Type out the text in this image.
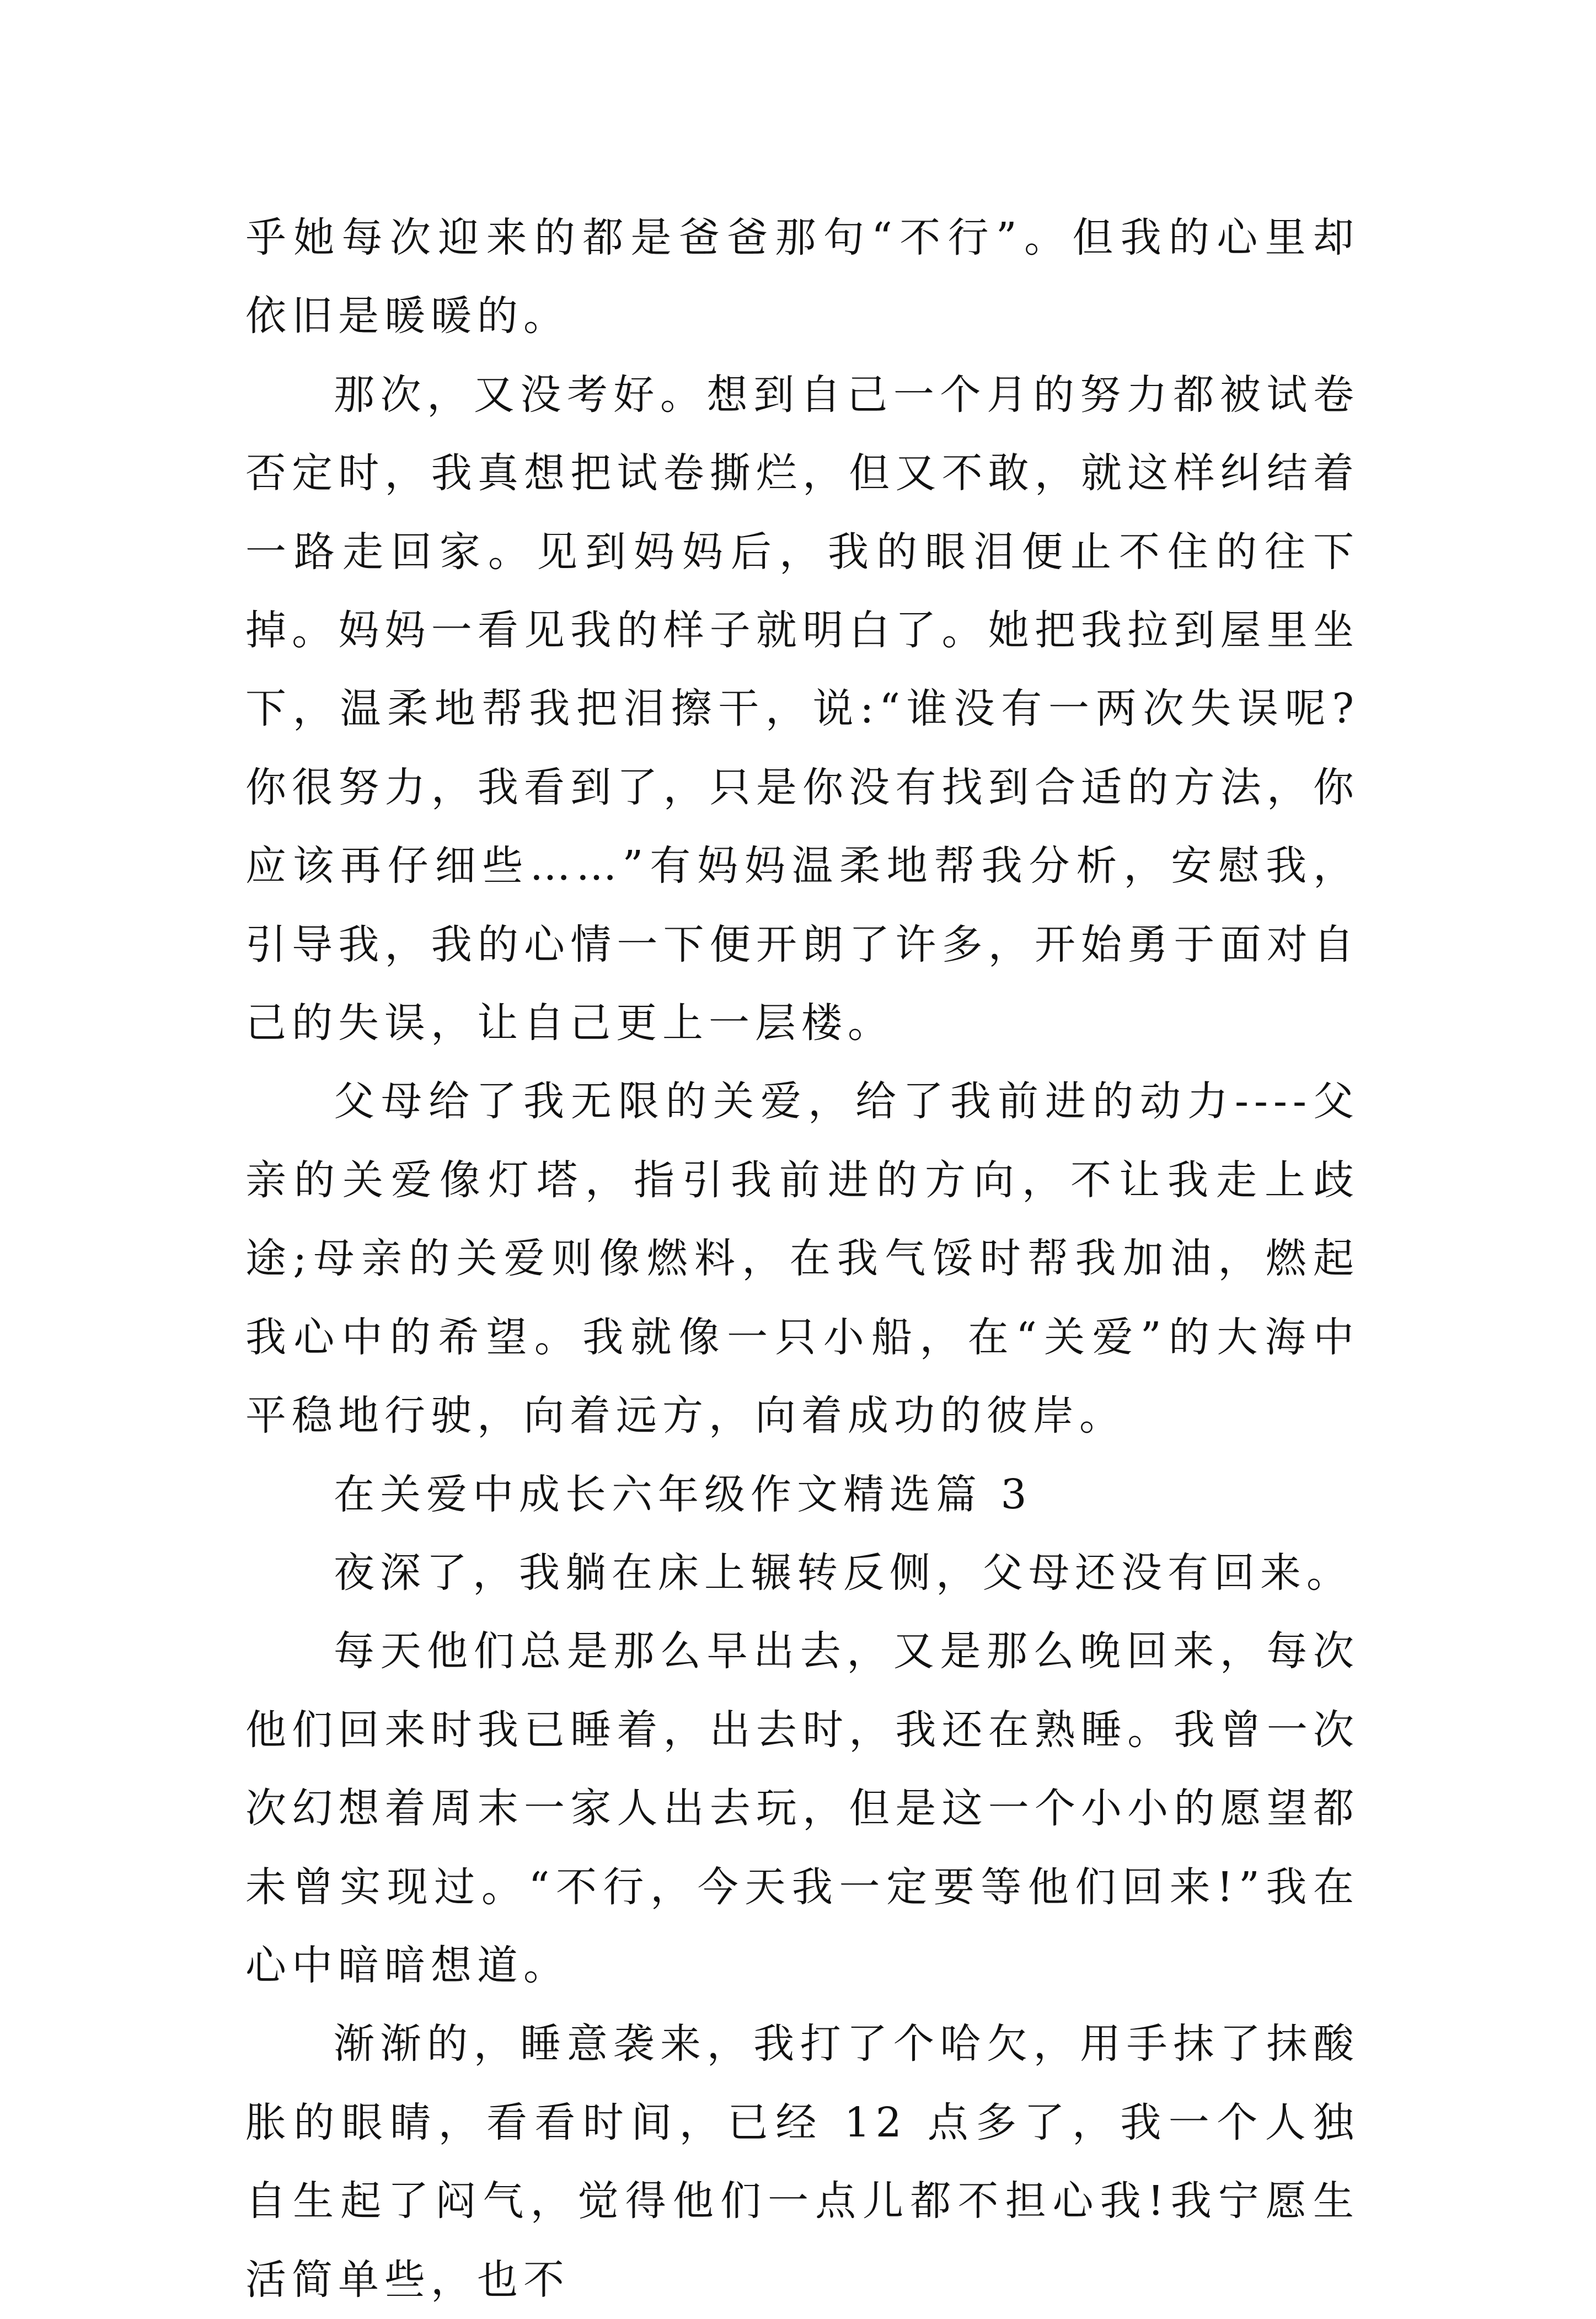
乎她每次迎来的都是爸爸那句“不行”。但我的心里却依旧是暖暖的。

那次，又没考好。想到自己一个月的努力都被试卷否定时，我真想把试卷撕烂，但又不敢，就这样纠结着一路走回家。见到妈妈后，我的眼泪便止不住的往下掉。妈妈一看见我的样子就明白了。她把我拉到屋里坐下，温柔地帮我把泪擦干，说:“谁没有一两次失误呢?你很努力，我看到了，只是你没有找到合适的方法，你应该再仔细些……”有妈妈温柔地帮我分析，安慰我，引导我，我的心情一下便开朗了许多，开始勇于面对自己的失误，让自己更上一层楼。

父母给了我无限的关爱，给了我前进的动力----父亲的关爱像灯塔，指引我前进的方向，不让我走上歧途;母亲的关爱则像燃料，在我气馁时帮我加油，燃起我心中的希望。我就像一只小船，在“关爱”的大海中平稳地行驶，向着远方，向着成功的彼岸。

在关爱中成长六年级作文精选篇 3

夜深了，我躺在床上辗转反侧，父母还没有回来。

每天他们总是那么早出去，又是那么晚回来，每次他们回来时我已睡着，出去时，我还在熟睡。我曾一次次幻想着周末一家人出去玩，但是这一个小小的愿望都未曾实现过。“不行，今天我一定要等他们回来!”我在心中暗暗想道。

渐渐的，睡意袭来，我打了个哈欠，用手抹了抹酸胀的眼睛，看看时间，已经 12 点多了，我一个人独自生起了闷气，觉得他们一点儿都不担心我!我宁愿生活简单些，也不
